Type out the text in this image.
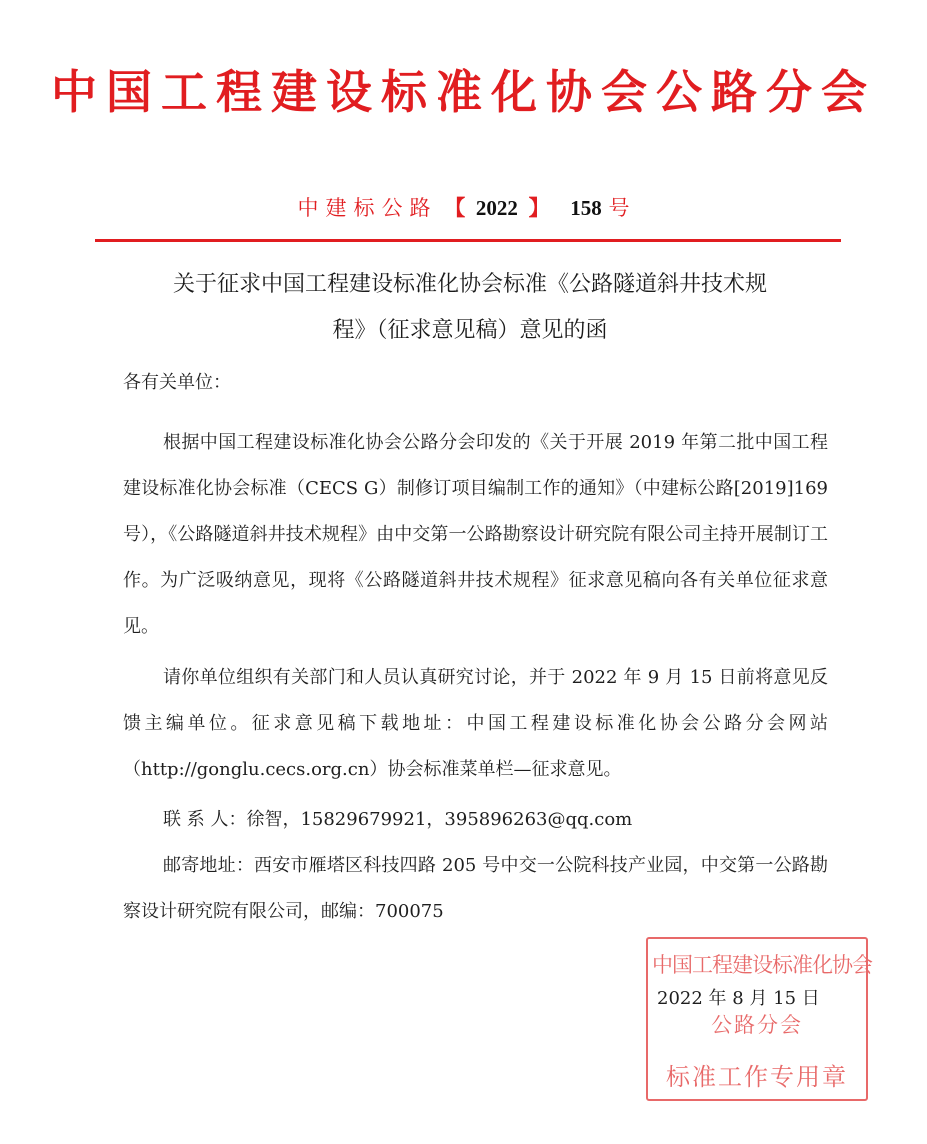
中国工程建设标准化协会公路分会
中建标公路 【 2022 】 158 号
关于征求中国工程建设标准化协会标准《公路隧道斜井技术规
程》（征求意见稿）意见的函
各有关单位：
根据中国工程建设标准化协会公路分会印发的《关于开展 2019 年第二批中国工程建设标准化协会标准（CECS G）制修订项目编制工作的通知》（中建标公路[2019]169 号），《公路隧道斜井技术规程》由中交第一公路勘察设计研究院有限公司主持开展制订工作。为广泛吸纳意见，现将《公路隧道斜井技术规程》征求意见稿向各有关单位征求意见。
请你单位组织有关部门和人员认真研究讨论，并于 2022 年 9 月 15 日前将意见反馈主编单位。征求意见稿下载地址：中国工程建设标准化协会公路分会网站（http://gonglu.cecs.org.cn）协会标准菜单栏—征求意见。
联 系 人：徐智，15829679921，395896263@qq.com
邮寄地址：西安市雁塔区科技四路 205 号中交一公院科技产业园，中交第一公路勘察设计研究院有限公司，邮编：700075
2022 年 8 月 15 日
中国工程建设标准化协会
公路分会
标准工作专用章
